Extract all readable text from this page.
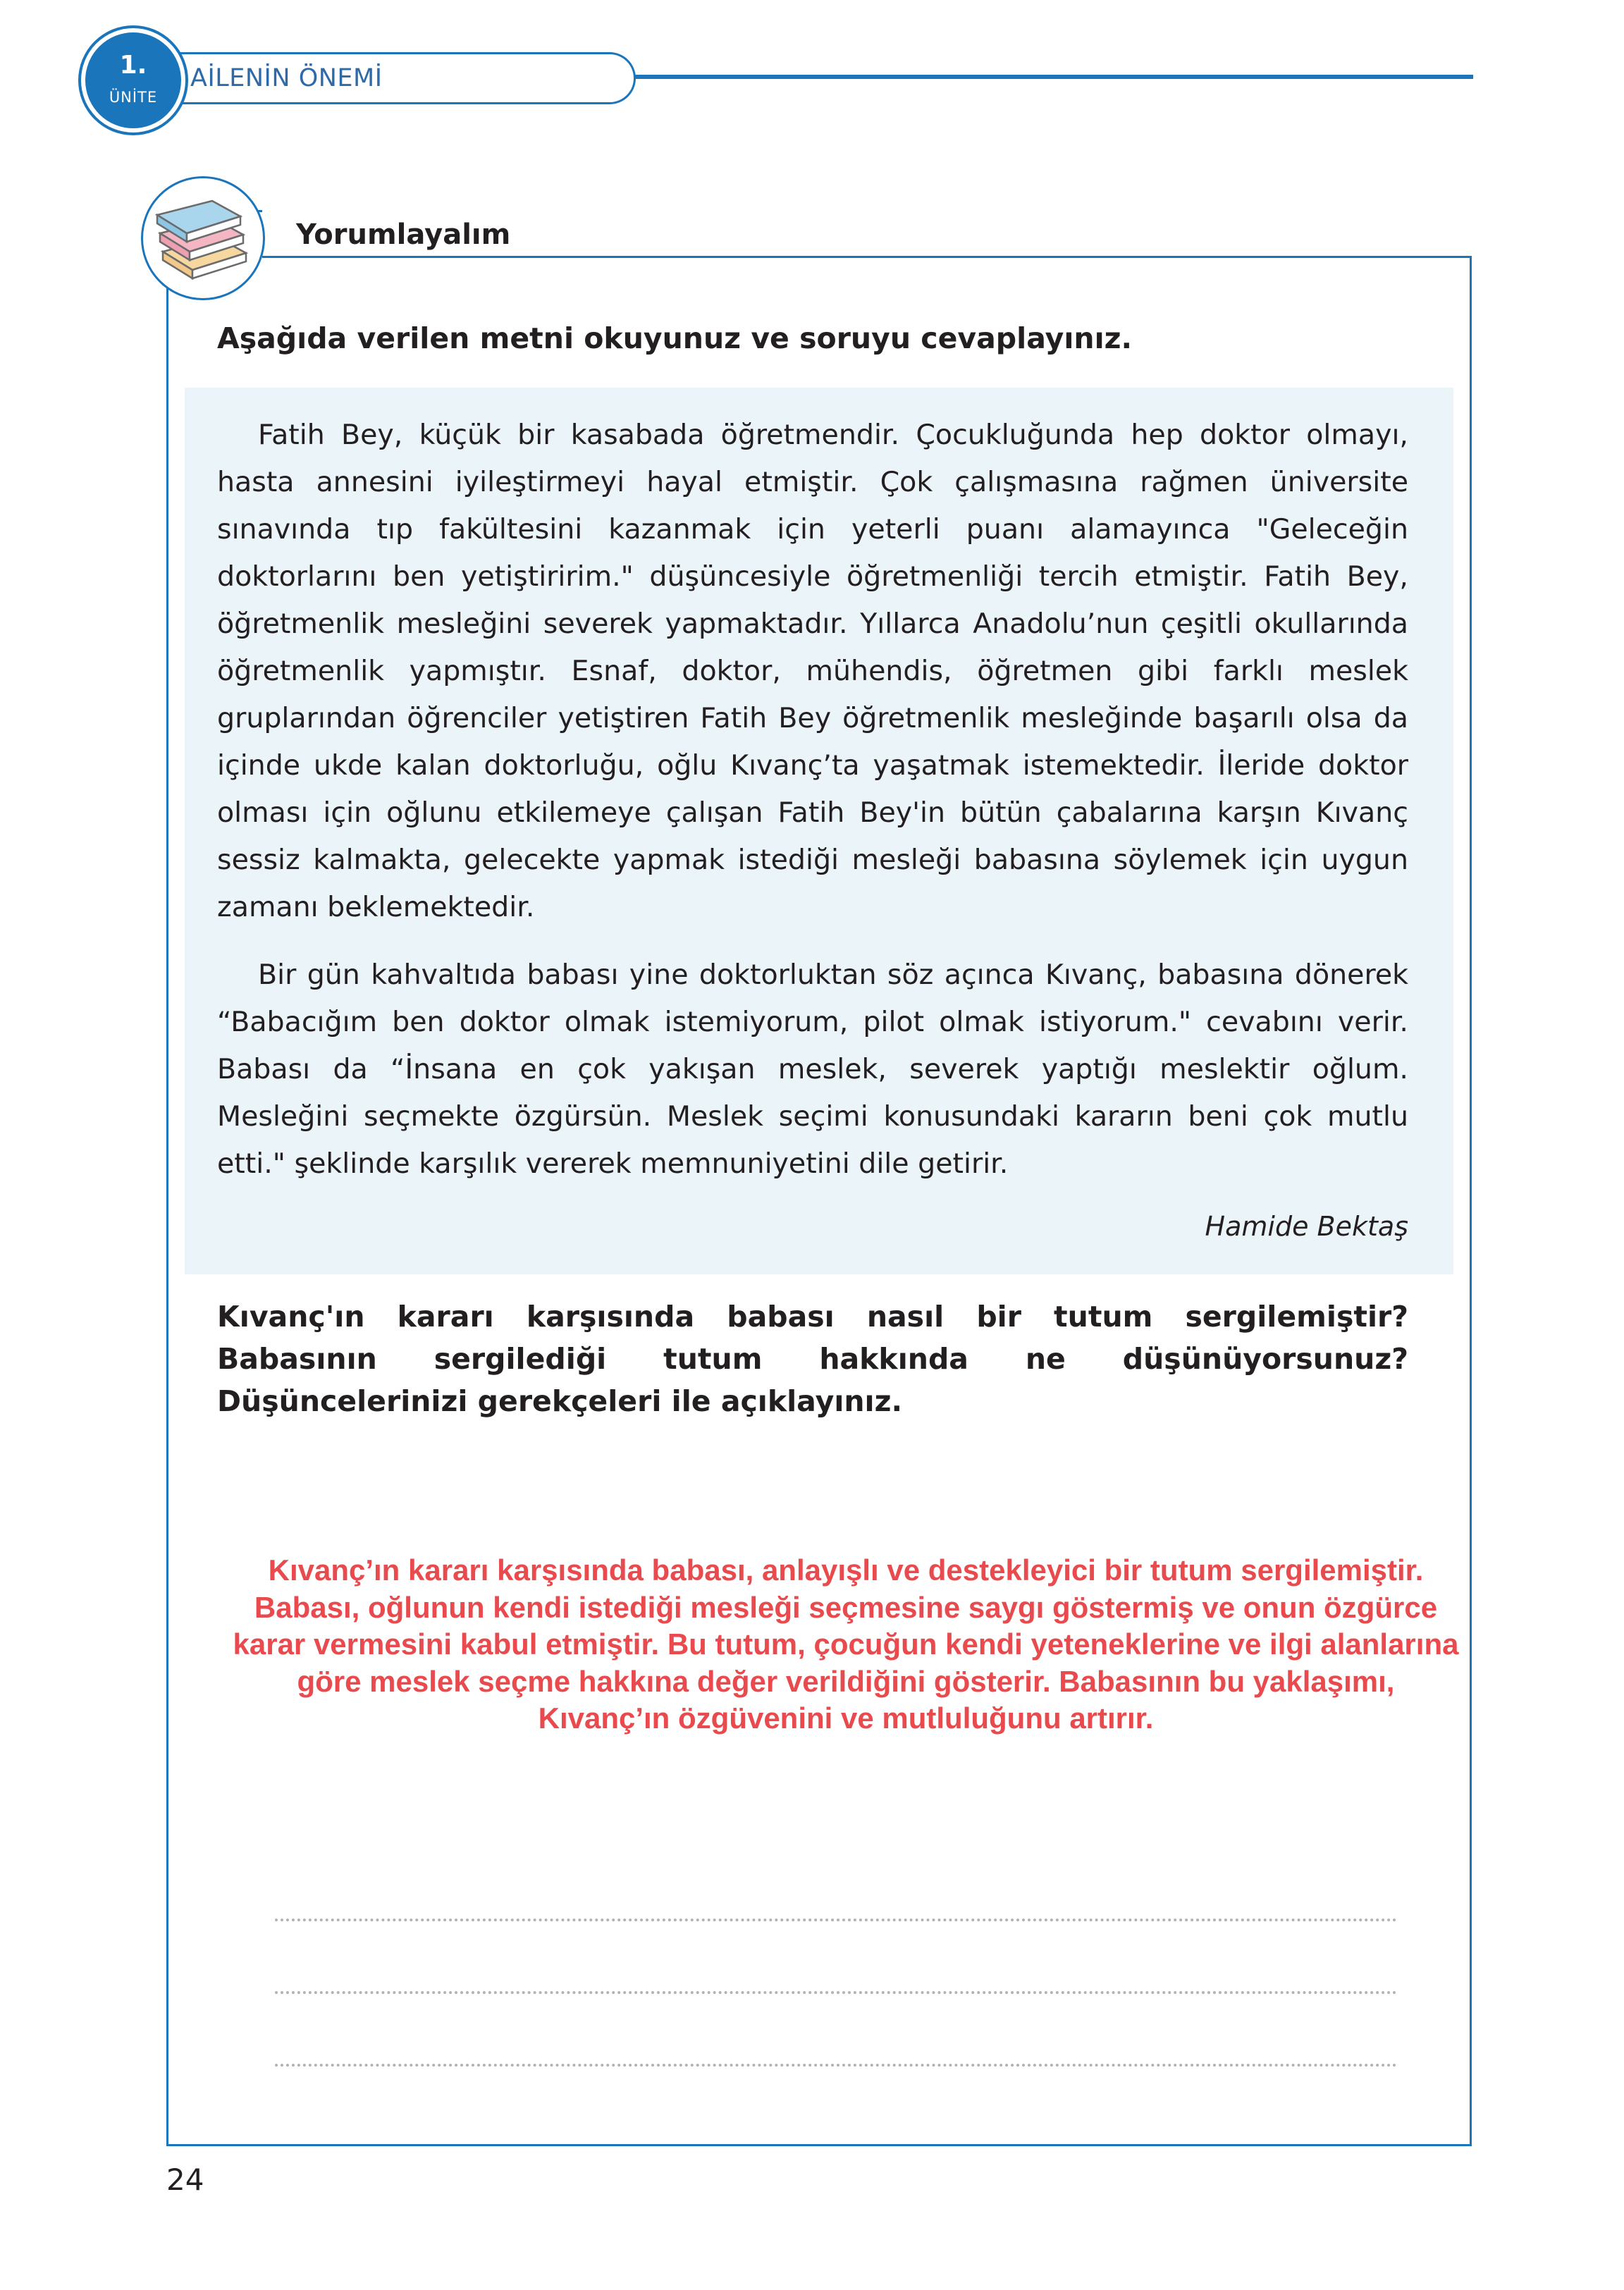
AİLENİN ÖNEMİ
1.
ÜNİTE
Yorumlayalım
Aşağıda verilen metni okuyunuz ve soruyu cevaplayınız.

Fatih Bey, küçük bir kasabada öğretmendir. Çocukluğunda hep doktor olmayı, hasta annesini iyileştirmeyi hayal etmiştir. Çok çalışmasına rağmen üniversite sınavında tıp fakültesini kazanmak için yeterli puanı alamayınca "Geleceğin doktorlarını ben yetiştiririm." düşüncesiyle öğretmenliği tercih etmiştir. Fatih Bey, öğretmenlik mesleğini severek yapmaktadır. Yıllarca Anadolu’nun çeşitli okullarında öğretmenlik yapmıştır. Esnaf, doktor, mühendis, öğretmen gibi farklı meslek gruplarından öğrenciler yetiştiren Fatih Bey öğretmenlik mesleğinde başarılı olsa da içinde ukde kalan doktorluğu, oğlu Kıvanç’ta yaşatmak istemektedir. İleride doktor olması için oğlunu etkilemeye çalışan Fatih Bey'in bütün çabalarına karşın Kıvanç sessiz kalmakta, gelecekte yapmak istediği mesleği babasına söylemek için uygun zamanı beklemektedir.

Bir gün kahvaltıda babası yine doktorluktan söz açınca Kıvanç, babasına dönerek “Babacığım ben doktor olmak istemiyorum, pilot olmak istiyorum." cevabını verir. Babası da “İnsana en çok yakışan meslek, severek yaptığı meslektir oğlum. Mesleğini seçmekte özgürsün. Meslek seçimi konusundaki kararın beni çok mutlu etti." şeklinde karşılık vererek memnuniyetini dile getirir.

Hamide Bektaş

Kıvanç'ın kararı karşısında babası nasıl bir tutum sergilemiştir? Babasının sergilediği tutum hakkında ne düşünüyorsunuz? Düşüncelerinizi gerekçeleri ile açıklayınız.

Kıvanç’ın kararı karşısında babası, anlayışlı ve destekleyici bir tutum sergilemiştir. Babası, oğlunun kendi istediği mesleği seçmesine saygı göstermiş ve onun özgürce karar vermesini kabul etmiştir. Bu tutum, çocuğun kendi yeteneklerine ve ilgi alanlarına göre meslek seçme hakkına değer verildiğini gösterir. Babasının bu yaklaşımı, Kıvanç’ın özgüvenini ve mutluluğunu artırır.

24
